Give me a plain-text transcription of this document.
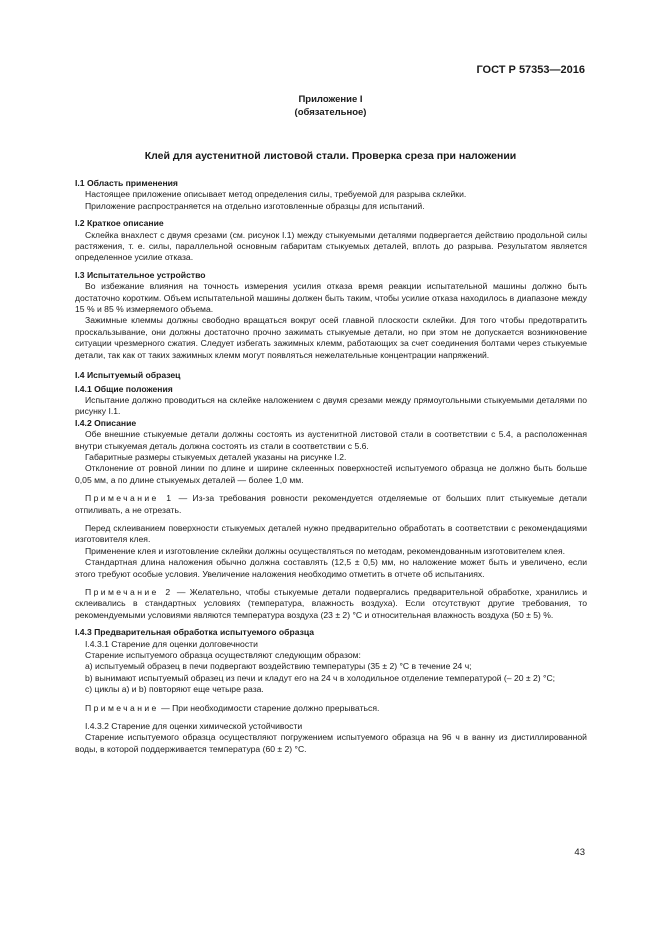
ГОСТ Р 57353—2016
Приложение I
(обязательное)
Клей для аустенитной листовой стали. Проверка среза при наложении

I.1 Область применения

Настоящее приложение описывает метод определения силы, требуемой для разрыва склейки.

Приложение распространяется на отдельно изготовленные образцы для испытаний.

I.2 Краткое описание

Склейка внахлест с двумя срезами (см. рисунок I.1) между стыкуемыми деталями подвергается действию продольной силы растяжения, т. е. силы, параллельной основным габаритам стыкуемых деталей, вплоть до разрыва. Результатом является определенное усилие отказа.

I.3 Испытательное устройство

Во избежание влияния на точность измерения усилия отказа время реакции испытательной машины должно быть достаточно коротким. Объем испытательной машины должен быть таким, чтобы усилие отказа находилось в диапазоне между 15 % и 85 % измеряемого объема.

Зажимные клеммы должны свободно вращаться вокруг осей главной плоскости склейки. Для того чтобы предотвратить проскальзывание, они должны достаточно прочно зажимать стыкуемые детали, но при этом не допускается возникновение ситуации чрезмерного сжатия. Следует избегать зажимных клемм, работающих за счет соединения болтами через стыкуемые детали, так как от таких зажимных клемм могут появляться нежелательные концентрации напряжений.

I.4 Испытуемый образец

I.4.1 Общие положения

Испытание должно проводиться на склейке наложением с двумя срезами между прямоугольными стыкуемыми деталями по рисунку I.1.

I.4.2 Описание

Обе внешние стыкуемые детали должны состоять из аустенитной листовой стали в соответствии с 5.4, а расположенная внутри стыкуемая деталь должна состоять из стали в соответствии с 5.6.

Габаритные размеры стыкуемых деталей указаны на рисунке I.2.

Отклонение от ровной линии по длине и ширине склеенных поверхностей испытуемого образца не должно быть больше 0,05 мм, а по длине стыкуемых деталей — более 1,0 мм.

Примечание 1 — Из-за требования ровности рекомендуется отделяемые от больших плит стыкуемые детали отпиливать, а не отрезать.

Перед склеиванием поверхности стыкуемых деталей нужно предварительно обработать в соответствии с рекомендациями изготовителя клея.

Применение клея и изготовление склейки должны осуществляться по методам, рекомендованным изготовителем клея.

Стандартная длина наложения обычно должна составлять (12,5 ± 0,5) мм, но наложение может быть и увеличено, если этого требуют особые условия. Увеличение наложения необходимо отметить в отчете об испытаниях.

Примечание 2 — Желательно, чтобы стыкуемые детали подвергались предварительной обработке, хранились и склеивались в стандартных условиях (температура, влажность воздуха). Если отсутствуют другие требования, то рекомендуемыми условиями являются температура воздуха (23 ± 2) °С и относительная влажность воздуха (50 ± 5) %.

I.4.3 Предварительная обработка испытуемого образца

I.4.3.1 Старение для оценки долговечности

Старение испытуемого образца осуществляют следующим образом:

a) испытуемый образец в печи подвергают воздействию температуры (35 ± 2) °С в течение 24 ч;

b) вынимают испытуемый образец из печи и кладут его на 24 ч в холодильное отделение температурой (– 20 ± 2) °С;

c) циклы a) и b) повторяют еще четыре раза.

Примечание — При необходимости старение должно прерываться.

I.4.3.2 Старение для оценки химической устойчивости

Старение испытуемого образца осуществляют погружением испытуемого образца на 96 ч в ванну из дистиллированной воды, в которой поддерживается температура (60 ± 2) °С.

43
